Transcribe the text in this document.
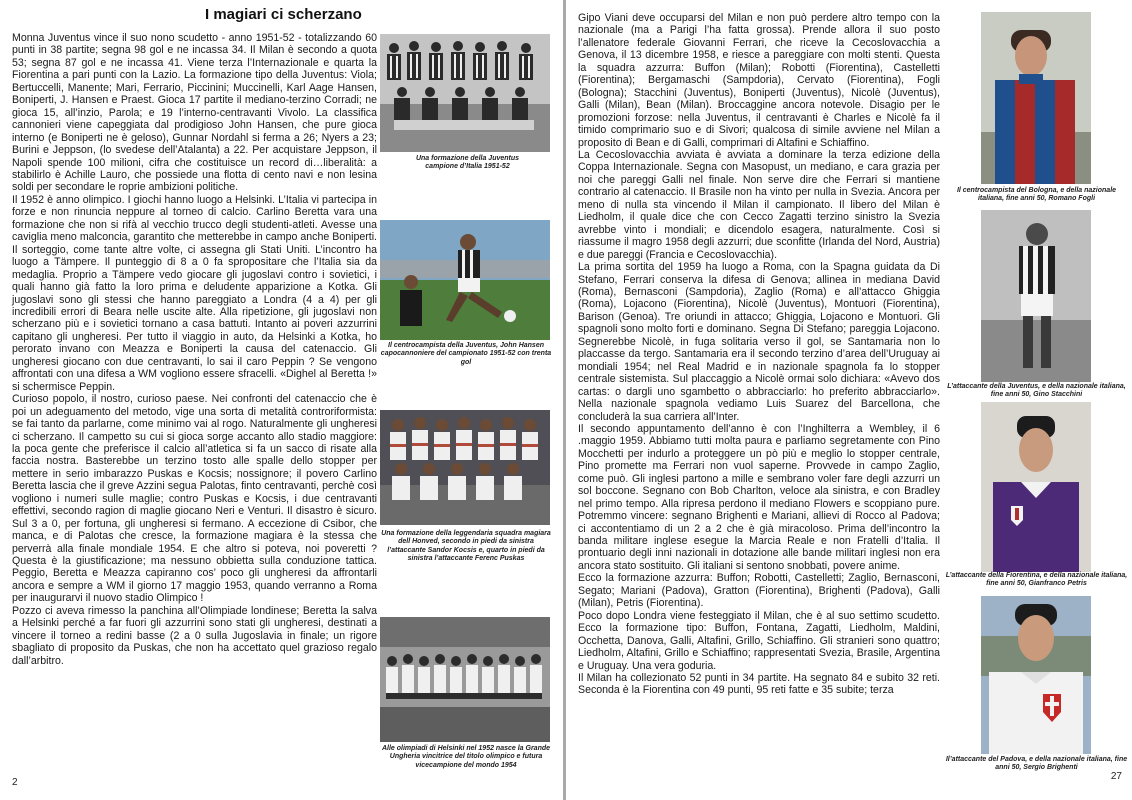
I magiari ci scherzano

Monna Juventus vince il suo nono scudetto - anno 1951-52 - totalizzando 60 punti in 38 partite; segna 98 gol e ne incassa 34. Il Milan è secondo a quota 53; segna 87 gol e ne incassa 41. Viene terza l’Internazionale e quarta la Fiorentina a pari punti con la Lazio. La formazione tipo della Juventus: Viola; Bertuccelli, Manente; Mari, Ferrario, Piccinini; Muccinelli, Karl Aage Hansen, Boniperti, J. Hansen e Praest. Gioca 17 partite il mediano-terzino Corradi; ne gioca 15, all’inzio, Parola; e 19 l’interno-centravanti Vivolo. La classifica cannonieri viene capeggiata dal prodigioso John Hansen, che pure gioca interno (e Boniperti ne è geloso), Gunnar Nordahl si ferma a 26; Nyers a 23; Burini e Jeppson, (lo svedese dell’Atalanta) a 22. Per acquistare Jeppson, il Napoli spende 100 milioni, cifra che costituisce un record di…liberalità: a stabilirlo è Achille Lauro, che possiede una flotta di cento navi e non lesina soldi per secondare le roprie ambizioni politiche.

Il 1952 è anno olimpico. I giochi hanno luogo a Helsinki. L’Italia vi partecipa in forze e non rinuncia neppure al torneo di calcio. Carlino Beretta vara una formazione che non si rifà al vecchio trucco degli studenti-atleti. Avesse una caviglia meno malconcia, garantito che metterebbe in campo anche Boniperti. Il sorteggio, come tante altre volte, ci assegna gli Stati Uniti. L’incontro ha luogo a Tämpere. Il punteggio di 8 a 0 fa spropositare che l’Italia sia da medaglia. Proprio a Tämpere vedo giocare gli jugoslavi contro i sovietici, i quali hanno già fatto la loro prima e deludente apparizione a Kotka. Gli jugoslavi sono gli stessi che hanno pareggiato a Londra (4 a 4) per gli incredibili errori di Beara nelle uscite alte. Alla ripetizione, gli jugoslavi non scherzano più e i sovietici tornano a casa battuti. Intanto ai poveri azzurrini capitano gli ungheresi. Per tutto il viaggio in auto, da Helsinki a Kotka, ho perorato invano con Meazza e Boniperti la causa del catenaccio. Gli ungheresi giocano con due centravanti, lo sai il caro Peppin ? Se vengono affrontati con una difesa a WM vogliono essere sfracelli. «Dighel al Beretta !» si schermisce Peppin.

Curioso popolo, il nostro, curioso paese. Nei confronti del catenaccio che è poi un adeguamento del metodo, vige una sorta di metalità controriformista: se fai tanto da parlarne, come minimo vai al rogo. Naturalmente gli ungheresi ci scherzano. Il campetto su cui si gioca sorge accanto allo stadio maggiore: la poca gente che preferisce il calcio all’atletica si fa un sacco di risate alla faccia nostra. Basterebbe un terzino tosto alle spalle dello stopper per mettere in serio imbarazzo Puskas e Kocsis; nossignore; il povero Carlino Beretta lascia che il greve Azzini segua Palotas, finto centravanti, perchè così vogliono i numeri sulle maglie; contro Puskas e Kocsis, i due centravanti effettivi, secondo ragion di maglie giocano Neri e Venturi. Il disastro è sicuro. Sul 3 a 0, per fortuna, gli ungheresi si fermano. A eccezione di Csibor, che manca, e di Palotas che cresce, la formazione magiara è la stessa che perverrà alla finale mondiale 1954. E che altro si poteva, noi poveretti ? Questa è la giustificazione; ma nessuno obbietta sulla conduzione tattica. Peggio, Beretta e Meazza capiranno cos’ poco gli ungheresi da affrontarli ancora e sempre a WM il giorno 17 maggio 1953, quando verranno a Roma per inaugurarvi il nuovo stadio Olimpico !

Pozzo ci aveva rimesso la panchina all’Olimpiade londinese; Beretta la salva a Helsinki perché a far fuori gli azzurrini sono stati gli ungheresi, destinati a vincere il torneo a redini basse (2 a 0 sulla Jugoslavia in finale; un rigore sbagliato di proposito da Puskas, che non ha accettato quel grazioso regalo dall’arbitro.

Una formazione della Juventus campione d’Italia 1951-52
Il centrocampista della Juventus, John Hansen capocannoniere del campionato 1951-52 con trenta gol
Una formazione della leggendaria squadra magiara dell Honved, secondo in piedi da sinistra l’attaccante Sandor Kocsis e, quarto in piedi da sinistra l’attaccante Ferenc Puskas
Alle olimpiadi di Helsinki nel 1952 nasce la Grande Ungheria vincitrice del titolo olimpico e futura vicecampione del mondo 1954
2

Gipo Viani deve occuparsi del Milan e non può perdere altro tempo con la nazionale (ma a Parigi l’ha fatta grossa). Prende allora il suo posto l’allenatore federale Giovanni Ferrari, che riceve la Cecoslovacchia a Genova, il 13 dicembre 1958, e riesce a pareggiare con molti stenti. Questa la squadra azzurra: Buffon (Milan); Robotti (Fiorentina), Castelletti (Fiorentina); Bergamaschi (Sampdoria), Cervato (Fiorentina), Fogli (Bologna); Stacchini (Juventus), Boniperti (Juventus), Nicolè (Juventus), Galli (Milan), Bean (Milan). Broccaggine ancora notevole. Disagio per le promozioni forzose: nella Juventus, il centravanti è Charles e Nicolè fa il timido comprimario suo e di Sivori; qualcosa di simile avviene nel Milan a proposito di Bean e di Galli, comprimari di Altafini e Schiaffino.

La Cecoslovacchia avviata è avviata a dominare la terza edizione della Coppa Internazionale. Segna con Masopust, un mediano, e cara grazia per noi che pareggi Galli nel finale. Non serve dire che Ferrari si mantiene contrario al catenaccio. Il Brasile non ha vinto per nulla in Svezia. Ancora per meno di nulla sta vincendo il Milan il campionato. Il libero del Milan è Liedholm, il quale dice che con Cecco Zagatti terzino sinistro la Svezia avrebbe vinto i mondiali; e dicendolo esagera, naturalmente. Così si riassume il magro 1958 degli azzurri; due sconfitte (Irlanda del Nord, Austria) e due pareggi (Francia e Cecoslovacchia).

La prima sortita del 1959 ha luogo a Roma, con la Spagna guidata da Di Stefano, Ferrari conserva la difesa di Genova; allinea in mediana David (Roma), Bernasconi (Sampdoria), Zaglio (Roma) e all’attacco Ghiggia (Roma), Lojacono (Fiorentina), Nicolè (Juventus), Montuori (Fiorentina), Barison (Genoa). Tre oriundi in attacco; Ghiggia, Lojacono e Montuori. Gli spagnoli sono molto forti e dominano. Segna Di Stefano; pareggia Lojacono. Segnerebbe Nicolè, in fuga solitaria verso il gol, se Santamaria non lo placcasse da tergo. Santamaria era il secondo terzino d’area dell’Uruguay ai mondiali 1954; nel Real Madrid e in nazionale spagnola fa lo stopper centrale sistemista. Sul placcaggio a Nicolè ormai solo dichiara: «Avevo dos cartas: o dargli uno sgambetto o abbracciarlo: ho preferito abbracciarlo». Nella nazionale spagnola vediamo Luis Suarez del Barcellona, che concluderà la sua carriera all’Inter.

Il secondo appuntamento dell’anno è con l’Inghilterra a Wembley, il 6 .maggio 1959. Abbiamo tutti molta paura e parliamo segretamente con Pino Mocchetti per indurlo a proteggere un pò più e meglio lo stopper centrale, Pino promette ma Ferrari non vuol saperne. Provvede in campo Zaglio, come può. Gli inglesi partono a mille e sembrano voler fare degli azzurri un sol boccone. Segnano con Bob Charlton, veloce ala sinistra, e con Bradley nel primo tempo. Alla ripresa perdono il mediano Flowers e scoppiano pure. Potremmo vincere: segnano Brighenti e Mariani, allievi di Rocco al Padova; ci accontentiamo di un 2 a 2 che è già miracoloso. Prima dell’incontro la banda militare inglese esegue la Marcia Reale e non Fratelli d’Italia. Il prontuario degli inni nazionali in dotazione alle bande militari inglesi non era ancora stato sostituito. Gli italiani si sentono snobbati, povere anime.

Ecco la formazione azzurra: Buffon; Robotti, Castelletti; Zaglio, Bernasconi, Segato; Mariani (Padova), Gratton (Fiorentina), Brighenti (Padova), Galli (Milan), Petris (Fiorentina).

Poco dopo Londra viene festeggiato il Milan, che è al suo settimo scudetto. Ecco la formazione tipo: Buffon, Fontana, Zagatti, Liedholm, Maldini, Occhetta, Danova, Galli, Altafini, Grillo, Schiaffino. Gli stranieri sono quattro; Liedholm, Altafini, Grillo e Schiaffino; rappresentati Svezia, Brasile, Argentina e Uruguay. Una vera goduria.

Il Milan ha collezionato 52 punti in 34 partite. Ha segnato 84 e subito 32 reti. Seconda è la Fiorentina con 49 punti, 95 reti fatte e 35 subite; terza

Il centrocampista del Bologna, e della nazionale italiana, fine anni 50, Romano Fogli
L’attaccante della Juventus, e della nazionale italiana, fine anni 50, Gino Stacchini
L’attaccante della Fiorentina, e della nazionale italiana, fine anni 50, Gianfranco Petris
Il’attaccante del Padova, e della nazionale italiana, fine anni 50, Sergio Brighenti
27
